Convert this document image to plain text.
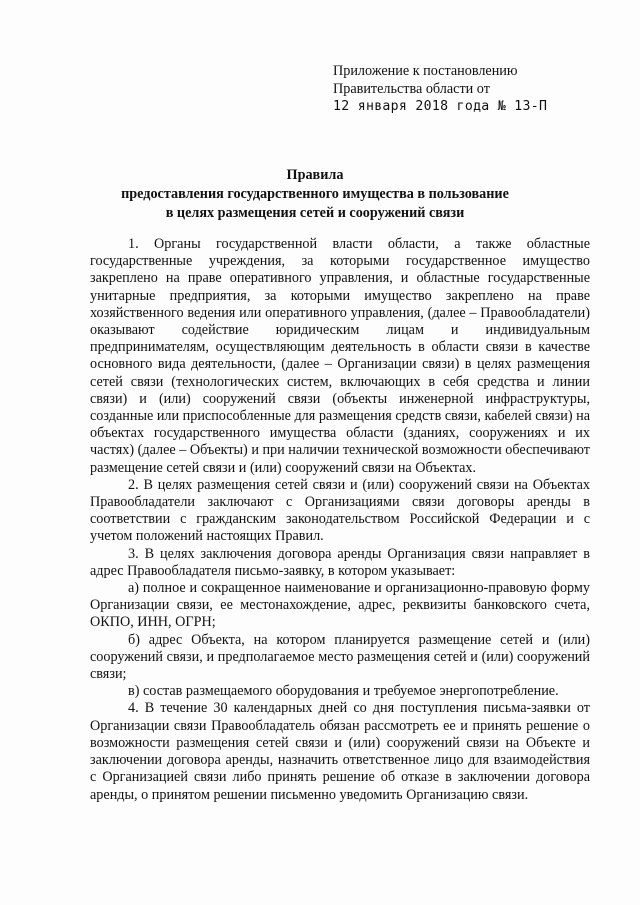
Приложение к постановлению
Правительства области от
12 января 2018 года № 13-П
Правила
предоставления государственного имущества в пользование
в целях размещения сетей и сооружений связи

1. Органы государственной власти области, а также областные государственные учреждения, за которыми государственное имущество закреплено на праве оперативного управления, и областные государственные унитарные предприятия, за которыми имущество закреплено на праве хозяйственного ведения или оперативного управления, (далее – Правообладатели) оказывают содействие юридическим лицам и индивидуальным предпринимателям, осуществляющим деятельность в области связи в качестве основного вида деятельности, (далее – Организации связи) в целях размещения сетей связи (технологических систем, включающих в себя средства и линии связи) и (или) сооружений связи (объекты инженерной инфраструктуры, созданные или приспособленные для размещения средств связи, кабелей связи) на объектах государственного имущества области (зданиях, сооружениях и их частях) (далее – Объекты) и при наличии технической возможности обеспечивают размещение сетей связи и (или) сооружений связи на Объектах.

2. В целях размещения сетей связи и (или) сооружений связи на Объектах Правообладатели заключают с Организациями связи договоры аренды в соответствии с гражданским законодательством Российской Федерации и с учетом положений настоящих Правил.

3. В целях заключения договора аренды Организация связи направляет в адрес Правообладателя письмо-заявку, в котором указывает:

а) полное и сокращенное наименование и организационно-правовую форму Организации связи, ее местонахождение, адрес, реквизиты банковского счета, ОКПО, ИНН, ОГРН;

б) адрес Объекта, на котором планируется размещение сетей и (или) сооружений связи, и предполагаемое место размещения сетей и (или) сооружений связи;

в) состав размещаемого оборудования и требуемое энергопотребление.

4. В течение 30 календарных дней со дня поступления письма-заявки от Организации связи Правообладатель обязан рассмотреть ее и принять решение о возможности размещения сетей связи и (или) сооружений связи на Объекте и заключении договора аренды, назначить ответственное лицо для взаимодействия с Организацией связи либо принять решение об отказе в заключении договора аренды, о принятом решении письменно уведомить Организацию связи.
